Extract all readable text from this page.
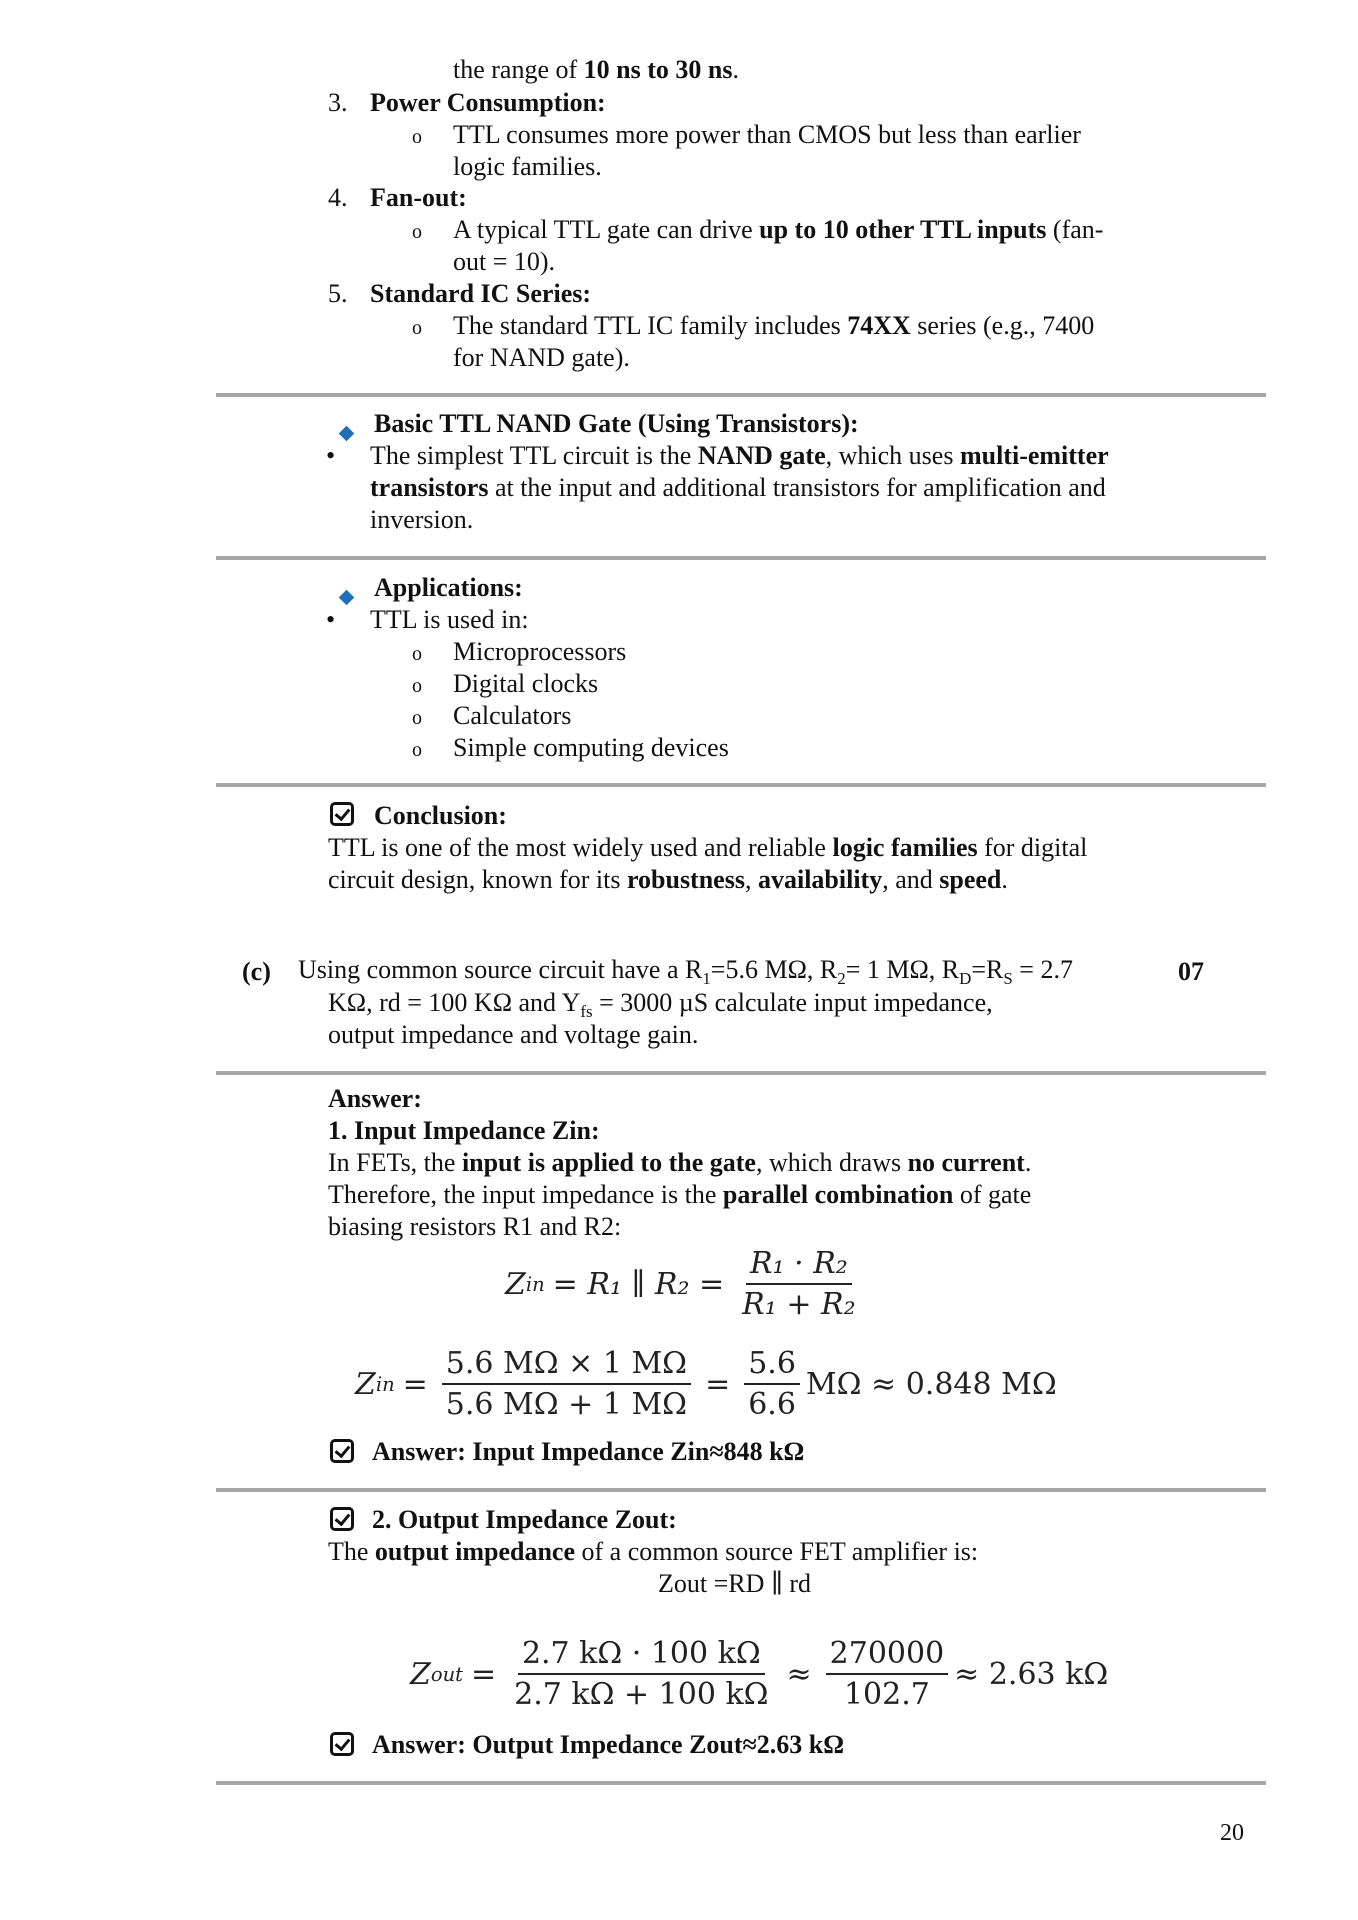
the range of 10 ns to 30 ns.
3. Power Consumption:
o TTL consumes more power than CMOS but less than earlier
logic families.
4. Fan-out:
o A typical TTL gate can drive up to 10 other TTL inputs (fan-
out = 10).
5. Standard IC Series:
o The standard TTL IC family includes 74XX series (e.g., 7400
for NAND gate).
Basic TTL NAND Gate (Using Transistors):
• The simplest TTL circuit is the NAND gate, which uses multi-emitter
transistors at the input and additional transistors for amplification and
inversion.
Applications:
• TTL is used in:
o Microprocessors
o Digital clocks
o Calculators
o Simple computing devices
Conclusion:
TTL is one of the most widely used and reliable logic families for digital
circuit design, known for its robustness, availability, and speed.
(c) Using common source circuit have a $R_1=5.6$ MΩ, $R_2= 1$ MΩ, $R_D=R_S = 2.7$	07
KΩ, rd = 100 KΩ and $Y_{fs} = 3000$ µS calculate input impedance,
output impedance and voltage gain.
Answer:
1. Input Impedance Zin:
In FETs, the input is applied to the gate, which draws no current.
Therefore, the input impedance is the parallel combination of gate
biasing resistors R1 and R2:
Z in = R₁ ∥ $R_2 = \frac{\text{R₁ · R₂}}{\text{R₁ + R₂}}$
Z in = $\frac{5.6 M\Omega \times 1 M\Omega}{5.6 M\Omega + 1 M\Omega} = \frac{5.6}{6.6}$ MΩ ≈ 0.848 MΩ
Answer: Input Impedance Zin≈848 kΩ
2. Output Impedance Zout:
The output impedance of a common source FET amplifier is:
Zout =RD ∥ rd
Z out = $\frac{2.7 k\Omega \cdot 100 k\Omega}{2.7 k\Omega + 100 k\Omega} \approx \frac{270000}{102.7} \approx 2.63$ kΩ
Answer: Output Impedance Zout≈2.63 kΩ
20
